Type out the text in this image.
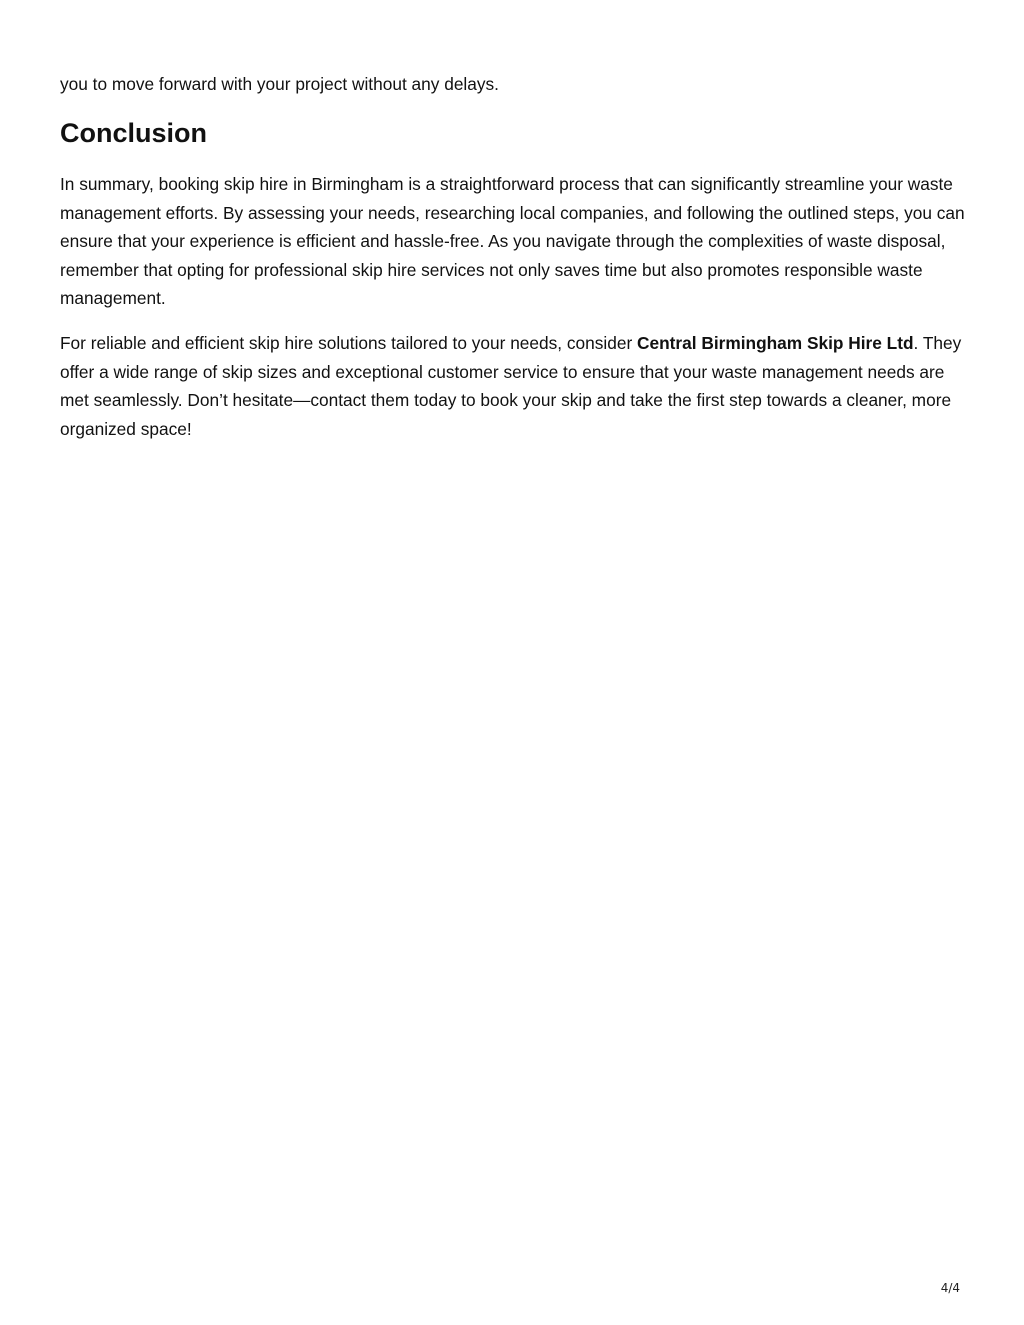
you to move forward with your project without any delays.

Conclusion

In summary, booking skip hire in Birmingham is a straightforward process that can significantly streamline your waste management efforts. By assessing your needs, researching local companies, and following the outlined steps, you can ensure that your experience is efficient and hassle-free. As you navigate through the complexities of waste disposal, remember that opting for professional skip hire services not only saves time but also promotes responsible waste management.

For reliable and efficient skip hire solutions tailored to your needs, consider Central Birmingham Skip Hire Ltd. They offer a wide range of skip sizes and exceptional customer service to ensure that your waste management needs are met seamlessly. Don’t hesitate—contact them today to book your skip and take the first step towards a cleaner, more organized space!

4/4
